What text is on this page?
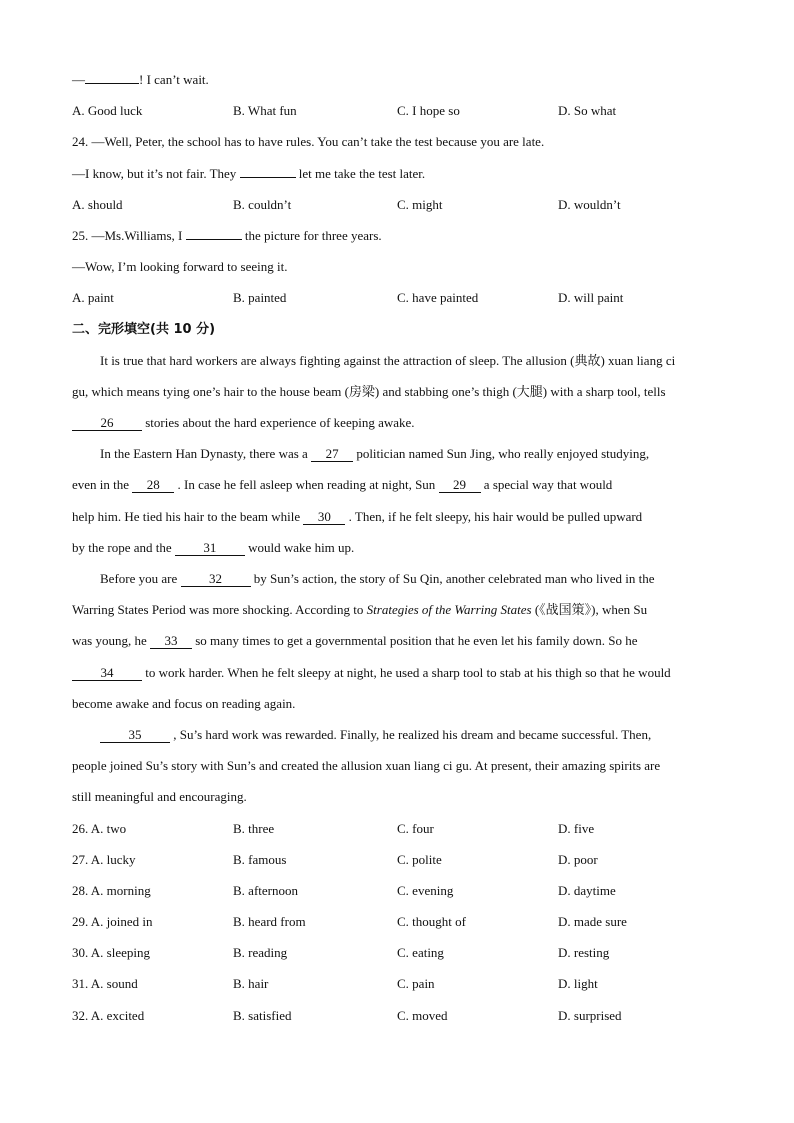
—	! I can’t wait.
A. Good luck	B. What fun	C. I hope so	D. So what
24. —Well, Peter, the school has to have rules. You can’t take the test because you are late.
—I know, but it’s not fair. They	let me take the test later.
A. should	B. couldn’t	C. might	D. wouldn’t
25. —Ms.Williams, I	the picture for three years.
—Wow, I’m looking forward to seeing it.
A. paint	B. painted	C. have painted	D. will paint
二、完形填空(共 10 分)
It is true that hard workers are always fighting against the attraction of sleep. The allusion (典故) xuan liang ci
gu, which means tying one’s hair to the house beam (房梁) and stabbing one’s thigh (大腿) with a sharp tool, tells
26 stories about the hard experience of keeping awake.
In the Eastern Han Dynasty, there was a 27 politician named Sun Jing, who really enjoyed studying,
even in the 28 . In case he fell asleep when reading at night, Sun 29 a special way that would
help him. He tied his hair to the beam while 30 . Then, if he felt sleepy, his hair would be pulled upward
by the rope and the 31 would wake him up.
Before you are 32 by Sun’s action, the story of Su Qin, another celebrated man who lived in the
Warring States Period was more shocking. According to Strategies of the Warring States (《战国策》), when Su
was young, he 33 so many times to get a governmental position that he even let his family down. So he
34 to work harder. When he felt sleepy at night, he used a sharp tool to stab at his thigh so that he would
become awake and focus on reading again.
35 , Su’s hard work was rewarded. Finally, he realized his dream and became successful. Then,
people joined Su’s story with Sun’s and created the allusion xuan liang ci gu. At present, their amazing spirits are
still meaningful and encouraging.
26. A. two	B. three	C. four	D. five
27. A. lucky	B. famous	C. polite	D. poor
28. A. morning	B. afternoon	C. evening	D. daytime
29. A. joined in	B. heard from	C. thought of	D. made sure
30. A. sleeping	B. reading	C. eating	D. resting
31. A. sound	B. hair	C. pain	D. light
32. A. excited	B. satisfied	C. moved	D. surprised
